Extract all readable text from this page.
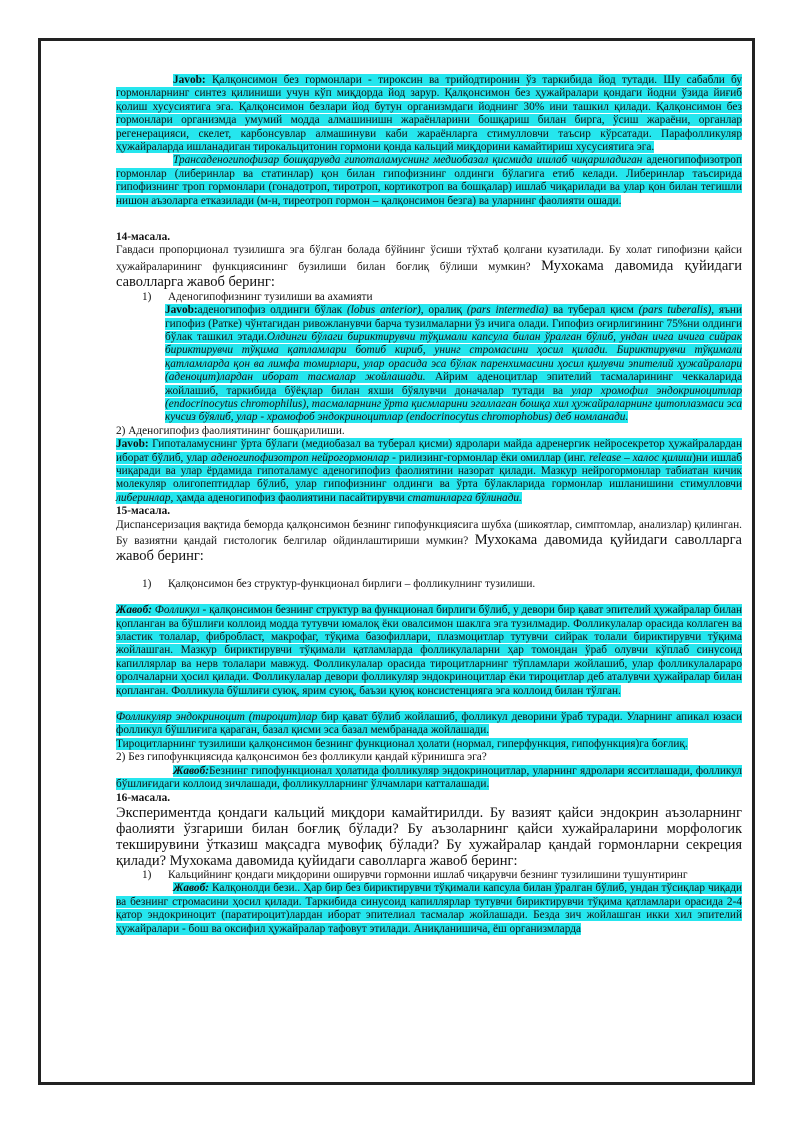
Javob: Қалқонсимон без гормонлари - тироксин ва трийодтиронин ўз таркибида йод тутади. Шу сабабли бу гормонларнинг синтез қилиниши учун кўп миқдорда йод зарур. Қалқонсимон без ҳужайралари қондаги йодни ўзида йиғиб қолиш хусусиятига эга. Қалқонсимон безлари йод бутун организмдаги йоднинг 30% ини ташкил қилади. Қалқонсимон без гормонлари организмда умумий модда алмашинишн жараёнларини бошқариш билан бирга, ўсиш жараёни, органлар регенерацияси, скелет, карбонсувлар алмашинуви каби жараёнларга стимулловчи таъсир кўрсатади. Парафолликуляр ҳужайраларда ишланадиган тирокальцитонин гормони қонда кальций миқдорини камайтириш хусусиятига эга.

Трансаденогипофизар бошқарувда гипоталамуснинг медиобазал қисмида ишлаб чиқариладиган аденогипофизотроп гормонлар (либеринлар ва статинлар) қон билан гипофизнинг олдинги бўлагига етиб келади. Либеринлар таъсирида гипофизнинг троп гормонлари (гонадотроп, тиротроп, кортикотроп ва бошқалар) ишлаб чиқарилади ва улар қон билан тегишли нишон аъзоларга етказилади (м-н, тиреотроп гормон – қалқонсимон безга) ва уларнинг фаолияти ошади.

14-масала.

Гавдаси пропорционал тузилишга эга бўлган болада бўйнинг ўсиши тўхтаб қолгани кузатилади. Бу холат гипофизни қайси ҳужайраларининг функциясининг бузилиши билан боғлиқ бўлиши мумкин? Мухокама давомида қуйидаги саволларга жавоб беринг:

1) Аденогипофизнинг тузилиши ва ахамияти

Javob:аденогипофиз олдинги бўлак (lobus anterior), оралиқ (pars intermedia) ва туберал қисм (pars tuberalis), яъни гипофиз (Ратке) чўнтагидан ривожланувчи барча тузилмаларни ўз ичига олади. Гипофиз оғирлигининг 75%ни олдинги бўлак ташкил этади.Олдинги бўлаги бириктирувчи тўқимали капсула билан ўралган бўлиб, ундан ичга ичига сийрак бириктирувчи тўқима қатламлари ботиб кириб, унинг стромасини ҳосил қилади. Бириктирувчи тўқимали қатламларда қон ва лимфа томирлари, улар орасида эса бўлак паренхимасини ҳосил қилувчи эпителий ҳужайралари (аденоцит)лардан иборат тасмалар жойлашади. Айрим аденоцитлар эпителий тасмаларининг чеккаларида жойлашиб, таркибида бўёқлар билан яхши бўялувчи доначалар тутади ва улар хромофил эндокриноцитлар (endocrinocytus chromophilus), тасмаларнинг ўрта қисмларини эгаллаган бошқа хил ҳужайраларнинг цитоплазмаси эса кучсиз бўялиб, улар - хромофоб эндокриноцитлар (endocrinocytus chromophobus) деб номланади.

2) Аденогипофиз фаолиятининг бошқарилиши.

Javob: Гипоталамуснинг ўрта бўлаги (медиобазал ва туберал қисми) ядролари майда адренергик нейросекретор ҳужайралардан иборат бўлиб, улар аденогипофизотроп нейрогормонлар - рилизинг-гормонлар ёки омиллар (инг. release – халос қилиш)ни ишлаб чиқаради ва улар ёрдамида гипоталамус аденогипофиз фаолиятини назорат қилади. Мазкур нейрогормонлар табиатан кичик молекуляр олигопептидлар бўлиб, улар гипофизнинг олдинги ва ўрта бўлакларида гормонлар ишланишини стимулловчи либеринлар, ҳамда аденогипофиз фаолиятини пасайтирувчи статинларга бўлинади.

15-масала.

Диспансеризация вақтида беморда қалқонсимон безнинг гипофункциясига шубха (шикоятлар, симптомлар, анализлар) қилинган. Бу вазиятни қандай гистологик белгилар ойдинлаштириши мумкин? Мухокама давомида қуйидаги саволларга жавоб беринг:

1) Қалқонсимон без структур-функционал бирлиги – фолликулнинг тузилиши.

Жавоб: Фолликул - қалқонсимон безнинг структур ва функционал бирлиги бўлиб, у девори бир қават эпителий ҳужайралар билан қопланган ва бўшлиғи коллоид модда тутувчи юмалоқ ёки овалсимон шаклга эга тузилмадир. Фолликулалар орасида коллаген ва эластик толалар, фибробласт, макрофаг, тўқима базофиллари, плазмоцитлар тутувчи сийрак толали бириктирувчи тўқима жойлашган. Мазкур бириктирувчи тўқимали қатламларда фолликулаларни ҳар томондан ўраб олувчи кўплаб синусоид капиллярлар ва нерв толалари мавжуд. Фолликулалар орасида тироцитларнинг тўпламлари жойлашиб, улар фолликулалараро оролчаларни ҳосил қилади. Фолликулалар девори фолликуляр эндокриноцитлар ёки тироцитлар деб аталувчи ҳужайралар билан қопланган. Фолликула бўшлиғи суюқ, ярим суюқ, баъзи қуюқ консистенцияга эга коллоид билан тўлган.

Фолликуляр эндокриноцит (тироцит)лар бир қават бўлиб жойлашиб, фолликул деворини ўраб туради. Уларнинг апикал юзаси фолликул бўшлиғига қараган, базал қисми эса базал мембранада жойлашади.

Тироцитларнинг тузилиши қалқонсимон безнинг функционал ҳолати (нормал, гиперфункция, гипофункция)га боғлиқ.

2) Без гипофункциясида қалқонсимон без фолликули қандай кўринишга эга?

Жавоб:Безнинг гипофункционал ҳолатида фолликуляр эндокриноцитлар, уларнинг ядролари ясситлашади, фолликул бўшлиғидаги коллоид зичлашади, фолликулларнинг ўлчамлари катталашади.

16-масала.

Экспериментда қондаги кальций миқдори камайтирилди. Бу вазият қайси эндокрин аъзоларнинг фаолияти ўзгариши билан боғлиқ бўлади? Бу аъзоларнинг қайси хужайраларини морфологик текширувини ўтказиш мақсадга мувофиқ бўлади? Бу хужайралар қандай гормонларни секреция қилади? Мухокама давомида қуйидаги саволларга жавоб беринг:

1) Кальцийнинг қондаги миқдорини оширувчи гормонни ишлаб чиқарувчи безнинг тузилишини тушунтиринг

Жавоб: Калқонолди бези.. Ҳар бир без бириктирувчи тўқимали капсула билан ўралган бўлиб, ундан тўсиқлар чиқади ва безнинг стромасини ҳосил қилади. Таркибида синусоид капиллярлар тутувчи бириктирувчи тўқима қатламлари орасида 2-4 қатор эндокриноцит (паратироцит)лардан иборат эпителиал тасмалар жойлашади. Безда зич жойлашган икки хил эпителий ҳужайралари - бош ва оксифил ҳужайралар тафовут этилади. Аниқланишича, ёш организмларда
